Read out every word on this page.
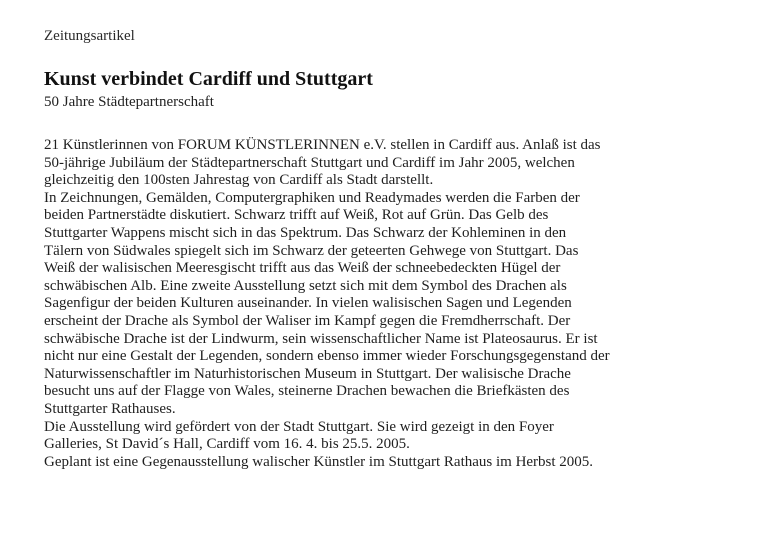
Zeitungsartikel
Kunst verbindet Cardiff und Stuttgart
50 Jahre Städtepartnerschaft
21 Künstlerinnen von FORUM KÜNSTLERINNEN e.V. stellen in Cardiff aus. Anlaß ist das
50-jährige Jubiläum der Städtepartnerschaft Stuttgart und Cardiff im Jahr 2005, welchen
gleichzeitig den 100sten Jahrestag von Cardiff als Stadt darstellt.
In Zeichnungen, Gemälden, Computergraphiken und Readymades werden die Farben der
beiden Partnerstädte diskutiert. Schwarz trifft auf Weiß, Rot auf Grün. Das Gelb des
Stuttgarter Wappens mischt sich in das Spektrum. Das Schwarz der Kohleminen in den
Tälern von Südwales spiegelt sich im Schwarz der geteerten Gehwege von Stuttgart. Das
Weiß der walisischen Meeresgischt trifft aus das Weiß der schneebedeckten Hügel der
schwäbischen Alb. Eine zweite Ausstellung setzt sich mit dem Symbol des Drachen als
Sagenfigur der beiden Kulturen auseinander. In vielen walisischen Sagen und Legenden
erscheint der Drache als Symbol der Waliser im Kampf gegen die Fremdherrschaft. Der
schwäbische Drache ist der Lindwurm, sein wissenschaftlicher Name ist Plateosaurus. Er ist
nicht nur eine Gestalt der Legenden, sondern ebenso immer wieder Forschungsgegenstand der
Naturwissenschaftler im Naturhistorischen Museum in Stuttgart. Der walisische Drache
besucht uns auf der Flagge von Wales, steinerne Drachen bewachen die Briefkästen des
Stuttgarter Rathauses.
Die Ausstellung wird gefördert von der Stadt Stuttgart. Sie wird gezeigt in den Foyer
Galleries, St David´s Hall, Cardiff vom 16. 4. bis 25.5. 2005.
Geplant ist eine Gegenausstellung walischer Künstler im Stuttgart Rathaus im Herbst 2005.
